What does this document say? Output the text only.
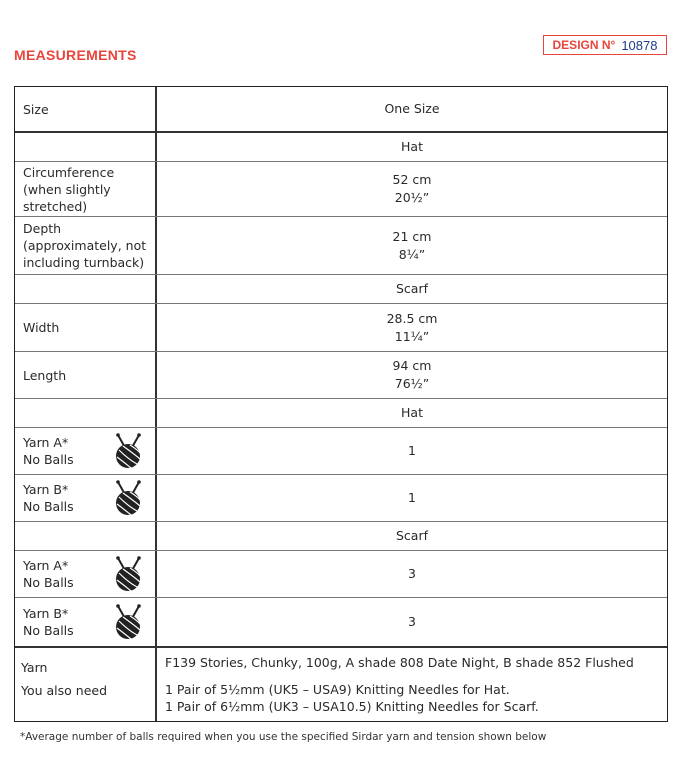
MEASUREMENTS
DESIGN N° 10878
Size	One Size
Hat
Circumference
(when slightly
stretched)
52 cm
20½”
Depth
(approximately, not
including turnback)
21 cm
8¼”
Scarf
Width
28.5 cm
11¼”
Length
94 cm
76½”
Hat
Yarn A*
No Balls
1
Yarn B*
No Balls
1
Scarf
Yarn A*
No Balls
3
Yarn B*
No Balls
3
Yarn
You also need
F139 Stories, Chunky, 100g, A shade 808 Date Night, B shade 852 Flushed
1 Pair of 5½mm (UK5 – USA9) Knitting Needles for Hat.
1 Pair of 6½mm (UK3 – USA10.5) Knitting Needles for Scarf.
*Average number of balls required when you use the specified Sirdar yarn and tension shown below
